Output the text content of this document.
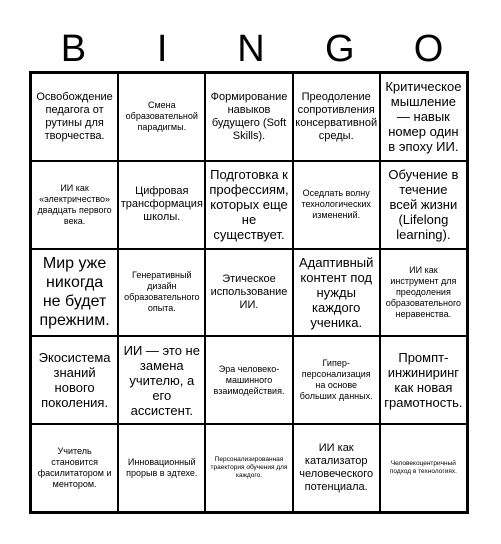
B	I	N	G	O
Освобождение педагога от рутины для творчества.
Смена образовательной парадигмы.
Формирование навыков будущего (Soft Skills).
Преодоление сопротивления консервативной среды.
Критическое мышление — навык номер один в эпоху ИИ.
ИИ как «электричество» двадцать первого века.
Цифровая трансформация школы.
Подготовка к профессиям, которых еще не существует.
Оседлать волну технологических изменений.
Обучение в течение всей жизни (Lifelong learning).
Мир уже никогда не будет прежним.
Генеративный дизайн образовательного опыта.
Этическое использование ИИ.
Адаптивный контент под нужды каждого ученика.
ИИ как инструмент для преодоления образовательного неравенства.
Экосистема знаний нового поколения.
ИИ — это не замена учителю, а его ассистент.
Эра человеко-машинного взаимодействия.
Гипер-персонализация на основе больших данных.
Промпт-инжиниринг как новая грамотность.
Учитель становится фасилитатором и ментором.
Инновационный прорыв в эдтехе.
Персонализированная траектория обучения для каждого.
ИИ как катализатор человеческого потенциала.
Человекоцентричный подход в технологиях.
